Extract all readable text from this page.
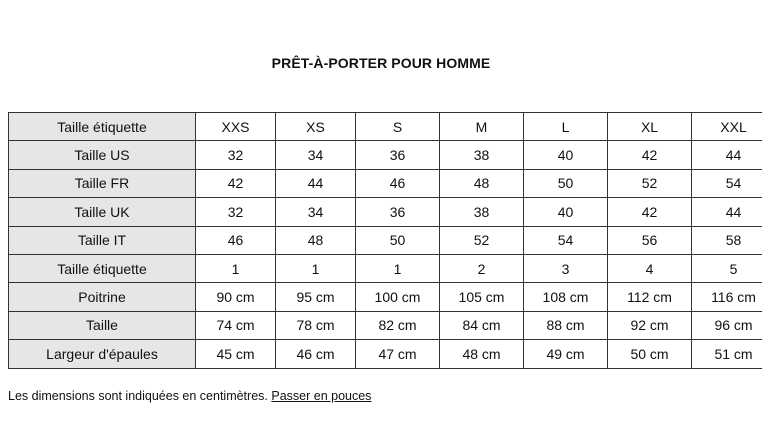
PRÊT-À-PORTER POUR HOMME
Taille étiquette	XXS	XS	S	M	L	XL	XXL
Taille US	32	34	36	38	40	42	44
Taille FR	42	44	46	48	50	52	54
Taille UK	32	34	36	38	40	42	44
Taille IT	46	48	50	52	54	56	58
Taille étiquette	1	1	1	2	3	4	5
Poitrine	90 cm	95 cm	100 cm	105 cm	108 cm	112 cm	116 cm
Taille	74 cm	78 cm	82 cm	84 cm	88 cm	92 cm	96 cm
Largeur d'épaules	45 cm	46 cm	47 cm	48 cm	49 cm	50 cm	51 cm
Les dimensions sont indiquées en centimètres. Passer en pouces
